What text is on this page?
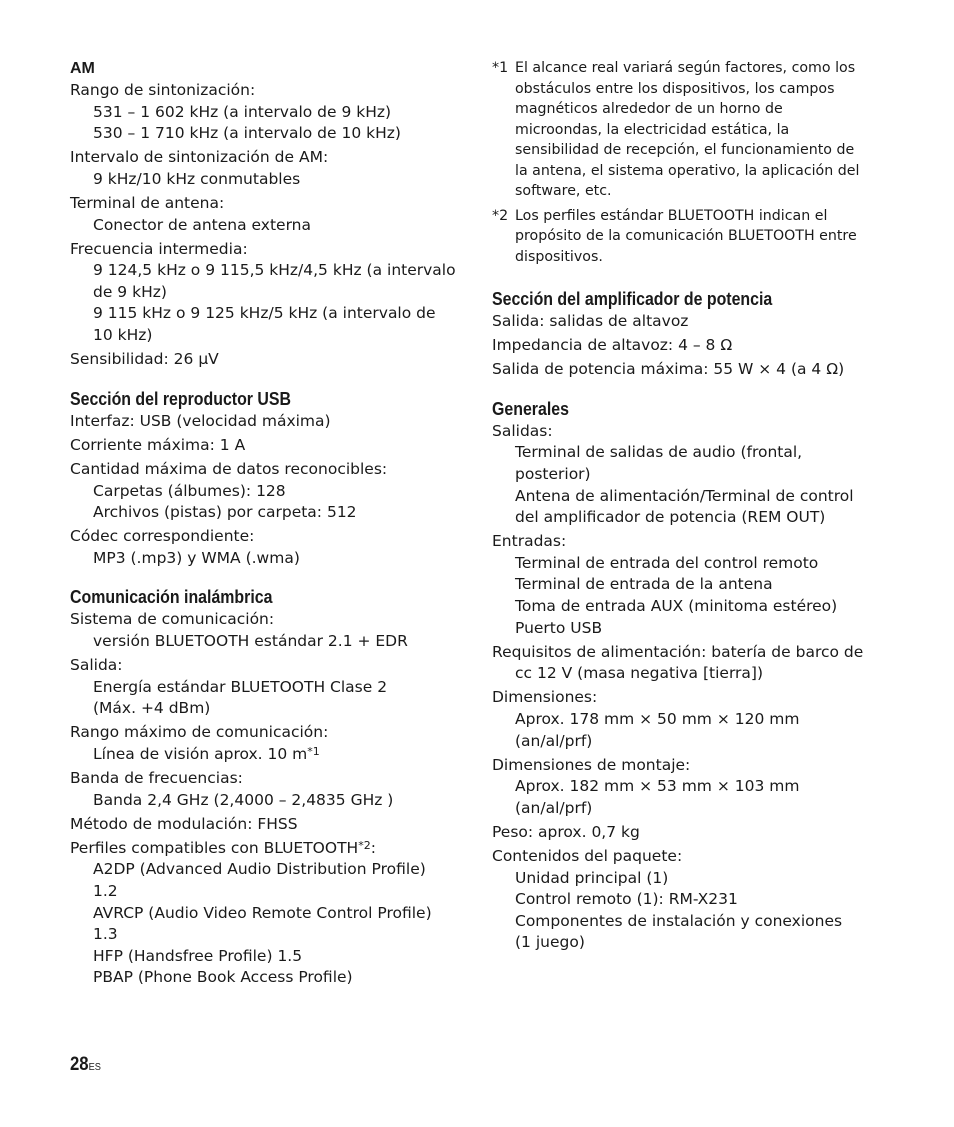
AM

Rango de sintonización:

531 – 1 602 kHz (a intervalo de 9 kHz)

530 – 1 710 kHz (a intervalo de 10 kHz)

Intervalo de sintonización de AM:

9 kHz/10 kHz conmutables

Terminal de antena:

Conector de antena externa

Frecuencia intermedia:

9 124,5 kHz o 9 115,5 kHz/4,5 kHz (a intervalo

de 9 kHz)

9 115 kHz o 9 125 kHz/5 kHz (a intervalo de

10 kHz)

Sensibilidad: 26 µV

Sección del reproductor USB

Interfaz: USB (velocidad máxima)

Corriente máxima: 1 A

Cantidad máxima de datos reconocibles:

Carpetas (álbumes): 128

Archivos (pistas) por carpeta: 512

Códec correspondiente:

MP3 (.mp3) y WMA (.wma)

Comunicación inalámbrica

Sistema de comunicación:

versión BLUETOOTH estándar 2.1 + EDR

Salida:

Energía estándar BLUETOOTH Clase 2

(Máx. +4 dBm)

Rango máximo de comunicación:

Línea de visión aprox. 10 $m^{*1}$

Banda de frecuencias:

Banda 2,4 GHz (2,4000 – 2,4835 GHz )

Método de modulación: FHSS

Perfiles compatibles con BLUETOOTH$^{*2}$:

A2DP (Advanced Audio Distribution Profile)

1.2

AVRCP (Audio Video Remote Control Profile)

1.3

HFP (Handsfree Profile) 1.5

PBAP (Phone Book Access Profile)

*1 El alcance real variará según factores, como los
obstáculos entre los dispositivos, los campos
magnéticos alrededor de un horno de
microondas, la electricidad estática, la
sensibilidad de recepción, el funcionamiento de
la antena, el sistema operativo, la aplicación del
software, etc.
*2 Los perfiles estándar BLUETOOTH indican el
propósito de la comunicación BLUETOOTH entre
dispositivos.

Sección del amplificador de potencia

Salida: salidas de altavoz

Impedancia de altavoz: 4 – 8 Ω

Salida de potencia máxima: 55 W × 4 (a 4 Ω)

Generales

Salidas:

Terminal de salidas de audio (frontal,

posterior)

Antena de alimentación/Terminal de control

del amplificador de potencia (REM OUT)

Entradas:

Terminal de entrada del control remoto

Terminal de entrada de la antena

Toma de entrada AUX (minitoma estéreo)

Puerto USB

Requisitos de alimentación: batería de barco de

cc 12 V (masa negativa [tierra])

Dimensiones:

Aprox. 178 mm × 50 mm × 120 mm

(an/al/prf)

Dimensiones de montaje:

Aprox. 182 mm × 53 mm × 103 mm

(an/al/prf)

Peso: aprox. 0,7 kg

Contenidos del paquete:

Unidad principal (1)

Control remoto (1): RM-X231

Componentes de instalación y conexiones

(1 juego)

28ES
